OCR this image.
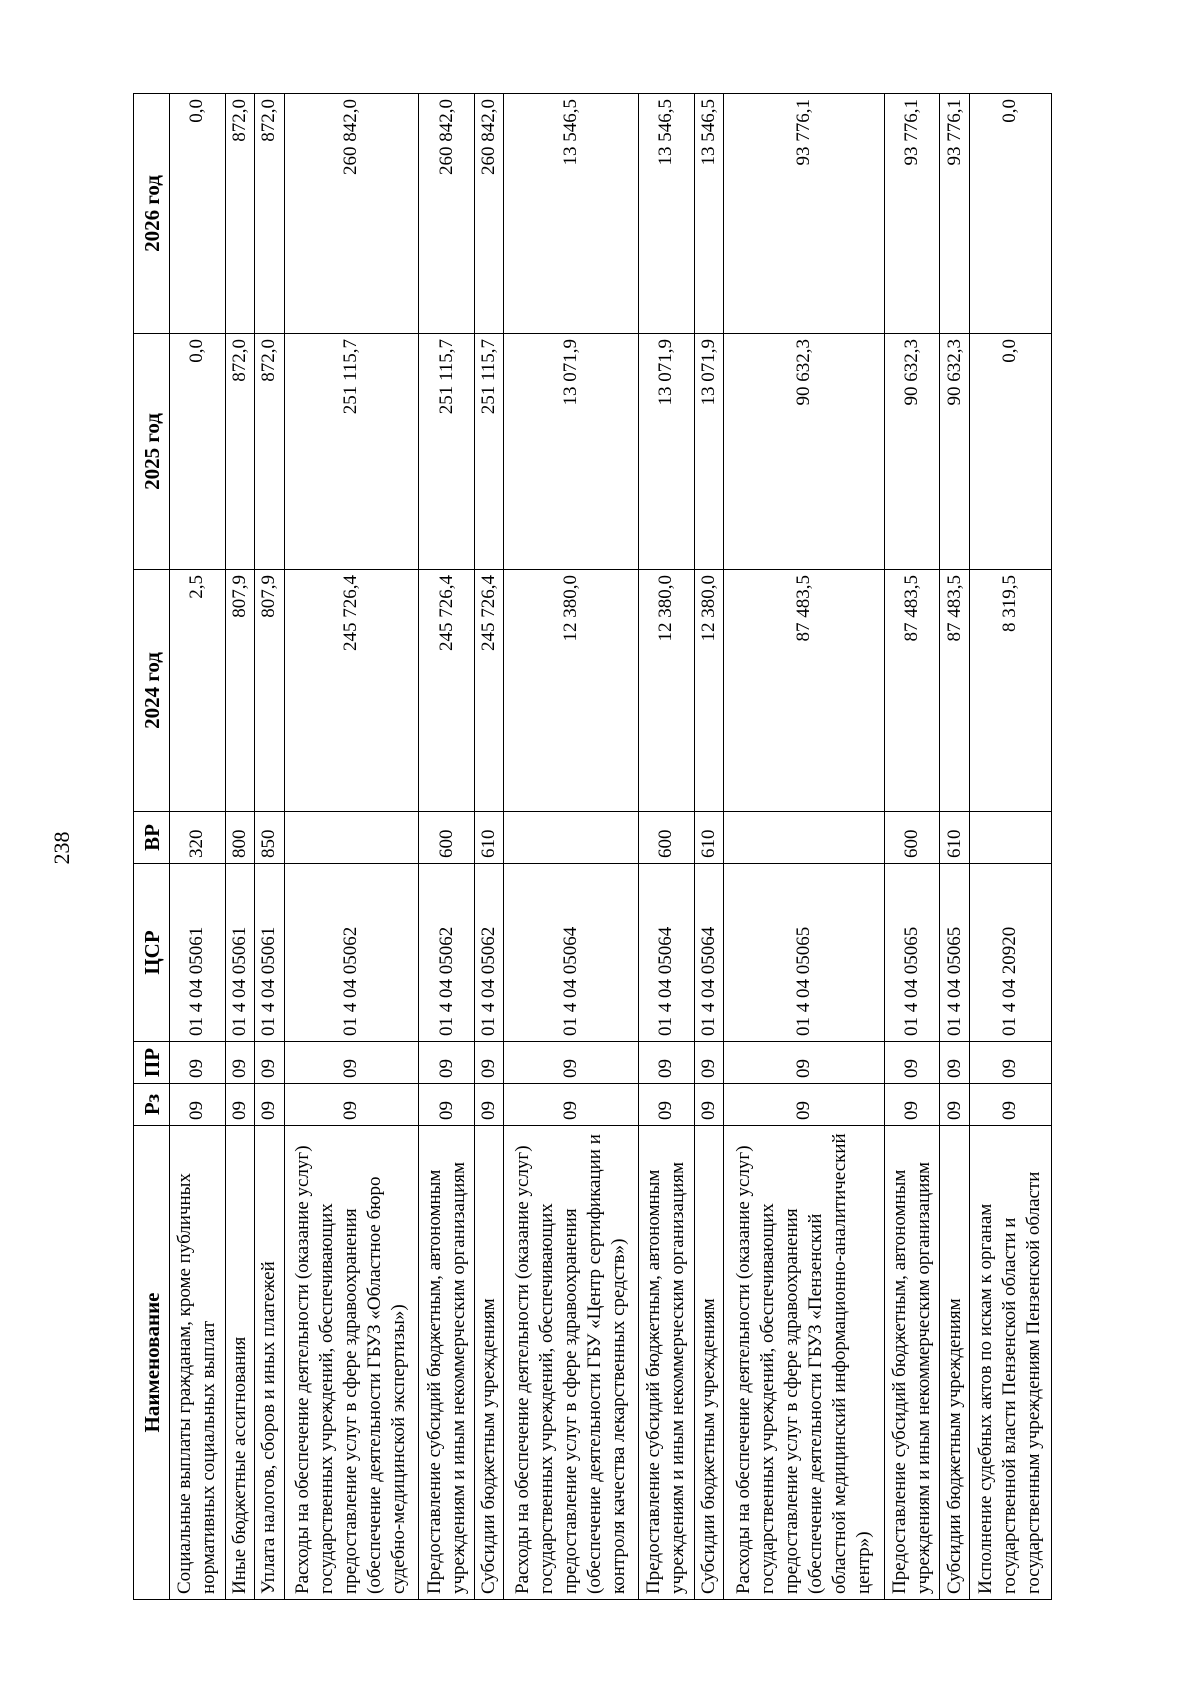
238
Наименование	Рз	ПР	ЦСР	ВР	2024 год	2025 год	2026 год
Социальные выплаты гражданам, кроме публичных нормативных социальных выплат	09	09	01 4 04 05061	320	2,5	0,0	0,0
Иные бюджетные ассигнования	09	09	01 4 04 05061	800	807,9	872,0	872,0
Уплата налогов, сборов и иных платежей	09	09	01 4 04 05061	850	807,9	872,0	872,0
Расходы на обеспечение деятельности (оказание услуг) государственных учреждений, обеспечивающих предоставление услуг в сфере здравоохранения (обеспечение деятельности ГБУЗ «Областное бюро судебно-медицинской экспертизы»)	09	09	01 4 04 05062		245 726,4	251 115,7	260 842,0
Предоставление субсидий бюджетным, автономным учреждениям и иным некоммерческим организациям	09	09	01 4 04 05062	600	245 726,4	251 115,7	260 842,0
Субсидии бюджетным учреждениям	09	09	01 4 04 05062	610	245 726,4	251 115,7	260 842,0
Расходы на обеспечение деятельности (оказание услуг) государственных учреждений, обеспечивающих предоставление услуг в сфере здравоохранения (обеспечение деятельности ГБУ «Центр сертификации и контроля качества лекарственных средств»)	09	09	01 4 04 05064		12 380,0	13 071,9	13 546,5
Предоставление субсидий бюджетным, автономным учреждениям и иным некоммерческим организациям	09	09	01 4 04 05064	600	12 380,0	13 071,9	13 546,5
Субсидии бюджетным учреждениям	09	09	01 4 04 05064	610	12 380,0	13 071,9	13 546,5
Расходы на обеспечение деятельности (оказание услуг) государственных учреждений, обеспечивающих предоставление услуг в сфере здравоохранения (обеспечение деятельности ГБУЗ «Пензенский областной медицинский информационно-аналитический центр»)	09	09	01 4 04 05065		87 483,5	90 632,3	93 776,1
Предоставление субсидий бюджетным, автономным учреждениям и иным некоммерческим организациям	09	09	01 4 04 05065	600	87 483,5	90 632,3	93 776,1
Субсидии бюджетным учреждениям	09	09	01 4 04 05065	610	87 483,5	90 632,3	93 776,1
Исполнение судебных актов по искам к органам государственной власти Пензенской области и государственным учреждениям Пензенской области	09	09	01 4 04 20920		8 319,5	0,0	0,0
